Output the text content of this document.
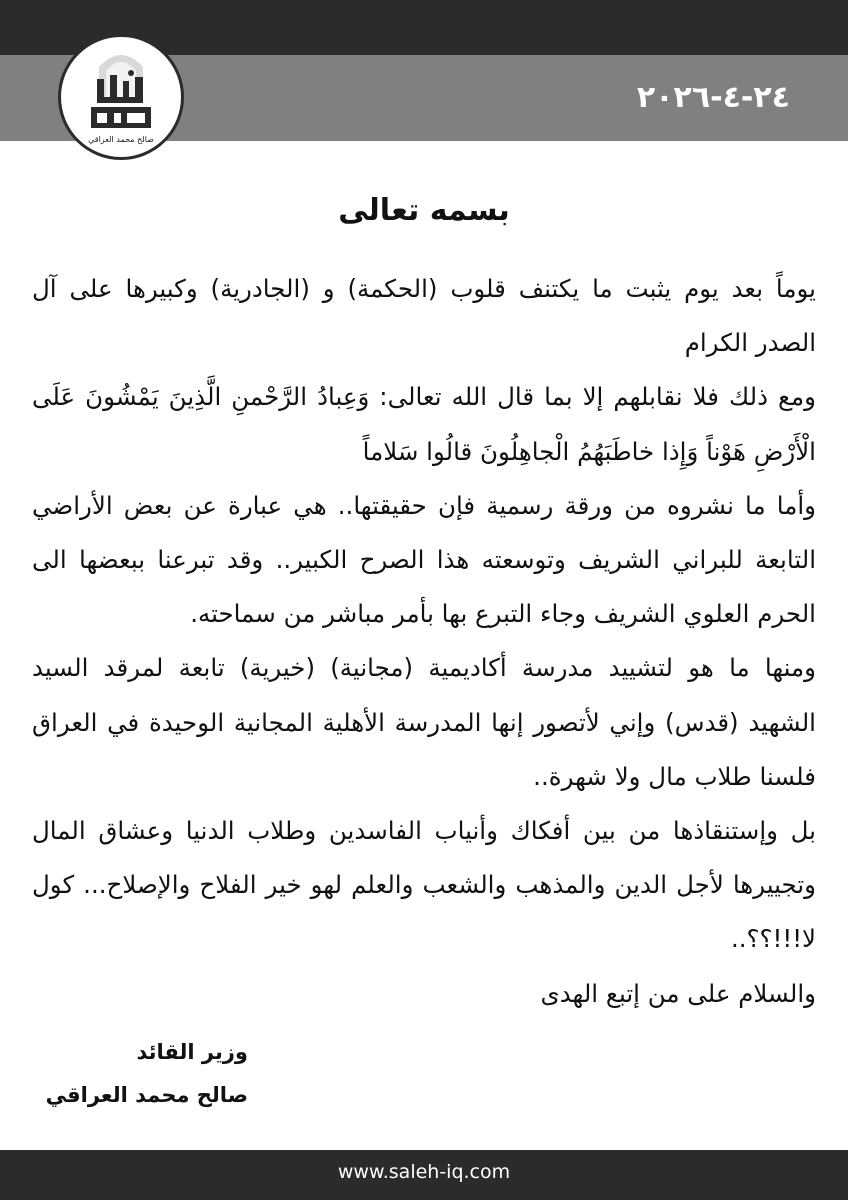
صالح محمد العراقي
٢٤-٤-٢٠٢٦
بسمه تعالى

يوماً بعد يوم يثبت ما يكتنف قلوب (الحكمة) و (الجادرية) وكبيرها على آل الصدر الكرام

ومع ذلك فلا نقابلهم إلا بما قال الله تعالى: وَعِبادُ الرَّحْمنِ الَّذِينَ يَمْشُونَ عَلَى الْأَرْضِ هَوْناً وَإِذا خاطَبَهُمُ الْجاهِلُونَ قالُوا سَلاماً

وأما ما نشروه من ورقة رسمية فإن حقيقتها.. هي عبارة عن بعض الأراضي التابعة للبراني الشريف وتوسعته هذا الصرح الكبير.. وقد تبرعنا ببعضها الى الحرم العلوي الشريف وجاء التبرع بها بأمر مباشر من سماحته.

ومنها ما هو لتشييد مدرسة أكاديمية (مجانية) (خيرية) تابعة لمرقد السيد الشهيد (قدس) وإني لأتصور إنها المدرسة الأهلية المجانية الوحيدة في العراق فلسنا طلاب مال ولا شهرة..

بل وإستنقاذها من بين أفكاك وأنياب الفاسدين وطلاب الدنيا وعشاق المال وتجييرها لأجل الدين والمذهب والشعب والعلم لهو خير الفلاح والإصلاح... كول لا!!!؟؟..

والسلام على من إتبع الهدى

وزير القائد
صالح محمد العراقي
www.saleh-iq.com
